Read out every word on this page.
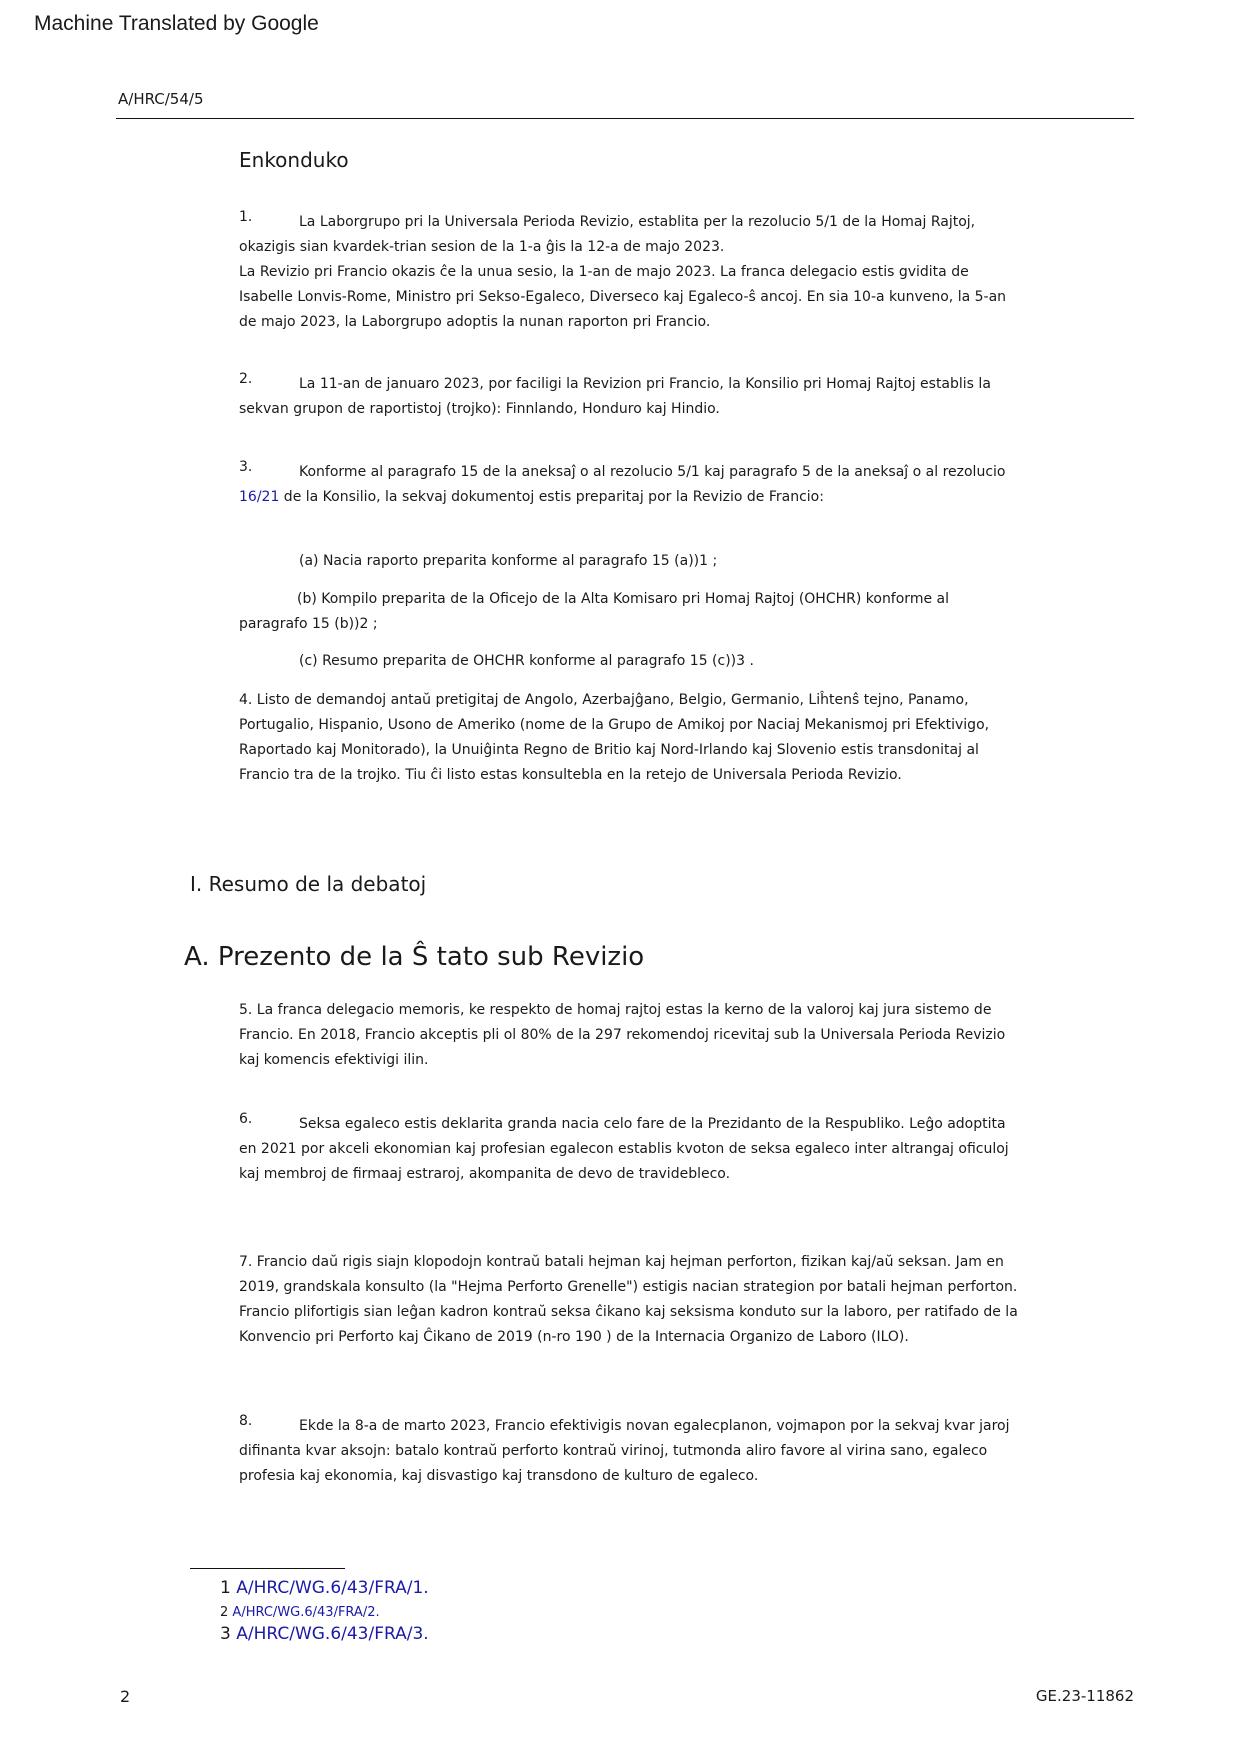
Machine Translated by Google
A/HRC/54/5
Enkonduko
1.	La Laborgrupo pri la Universala Perioda Revizio, establita per la rezolucio 5/1 de la Homaj Rajtoj, okazigis sian kvardek-trian sesion de la 1-a ĝis la 12-a de majo 2023.
La Revizio pri Francio okazis ĉe la unua sesio, la 1-an de majo 2023. La franca delegacio estis gvidita de Isabelle Lonvis-Rome, Ministro pri Sekso-Egaleco, Diverseco kaj Egaleco-ŝ ancoj. En sia 10-a kunveno, la 5-an de majo 2023, la Laborgrupo adoptis la nunan raporton pri Francio.
2.	La 11-an de januaro 2023, por faciligi la Revizion pri Francio, la Konsilio pri Homaj Rajtoj establis la sekvan grupon de raportistoj (trojko): Finnlando, Honduro kaj Hindio.
3.	Konforme al paragrafo 15 de la aneksaĵ o al rezolucio 5/1 kaj paragrafo 5 de la aneksaĵ o al rezolucio
16/21 de la Konsilio, la sekvaj dokumentoj estis preparitaj por la Revizio de Francio:
(a) Nacia raporto preparita konforme al paragrafo 15 (a))1 ;
(b) Kompilo preparita de la Oficejo de la Alta Komisaro pri Homaj Rajtoj (OHCHR) konforme al paragrafo 15 (b))2 ;
(c) Resumo preparita de OHCHR konforme al paragrafo 15 (c))3 .
4. Listo de demandoj antaŭ pretigitaj de Angolo, Azerbajĝano, Belgio, Germanio, Liĥtenŝ tejno, Panamo, Portugalio, Hispanio, Usono de Ameriko (nome de la Grupo de Amikoj por Naciaj Mekanismoj pri Efektivigo, Raportado kaj Monitorado), la Unuiĝinta Regno de Britio kaj Nord-Irlando kaj Slovenio estis transdonitaj al Francio tra de la trojko. Tiu ĉi listo estas konsultebla en la retejo de Universala Perioda Revizio.
I. Resumo de la debatoj
A. Prezento de la Ŝ tato sub Revizio
5. La franca delegacio memoris, ke respekto de homaj rajtoj estas la kerno de la valoroj kaj jura sistemo de Francio. En 2018, Francio akceptis pli ol 80% de la 297 rekomendoj ricevitaj sub la Universala Perioda Revizio kaj komencis efektivigi ilin.
6.	Seksa egaleco estis deklarita granda nacia celo fare de la Prezidanto de la Respubliko. Leĝo adoptita en 2021 por akceli ekonomian kaj profesian egalecon establis kvoton de seksa egaleco inter altrangaj oficuloj kaj membroj de firmaaj estraroj, akompanita de devo de travidebleco.
7. Francio daŭ rigis siajn klopodojn kontraŭ batali hejman kaj hejman perforton, fizikan kaj/aŭ seksan. Jam en 2019, grandskala konsulto (la "Hejma Perforto Grenelle") estigis nacian strategion por batali hejman perforton. Francio plifortigis sian leĝan kadron kontraŭ seksa ĉikano kaj seksisma konduto sur la laboro, per ratifado de la Konvencio pri Perforto kaj Ĉikano de 2019 (n-ro 190 ) de la Internacia Organizo de Laboro (ILO).
8.	Ekde la 8-a de marto 2023, Francio efektivigis novan egalecplanon, vojmapon por la sekvaj kvar jaroj difinanta kvar aksojn: batalo kontraŭ perforto kontraŭ virinoj, tutmonda aliro favore al virina sano, egaleco profesia kaj ekonomia, kaj disvastigo kaj transdono de kulturo de egaleco.
1 A/HRC/WG.6/43/FRA/1.
2 A/HRC/WG.6/43/FRA/2.
3 A/HRC/WG.6/43/FRA/3.
2	GE.23-11862
